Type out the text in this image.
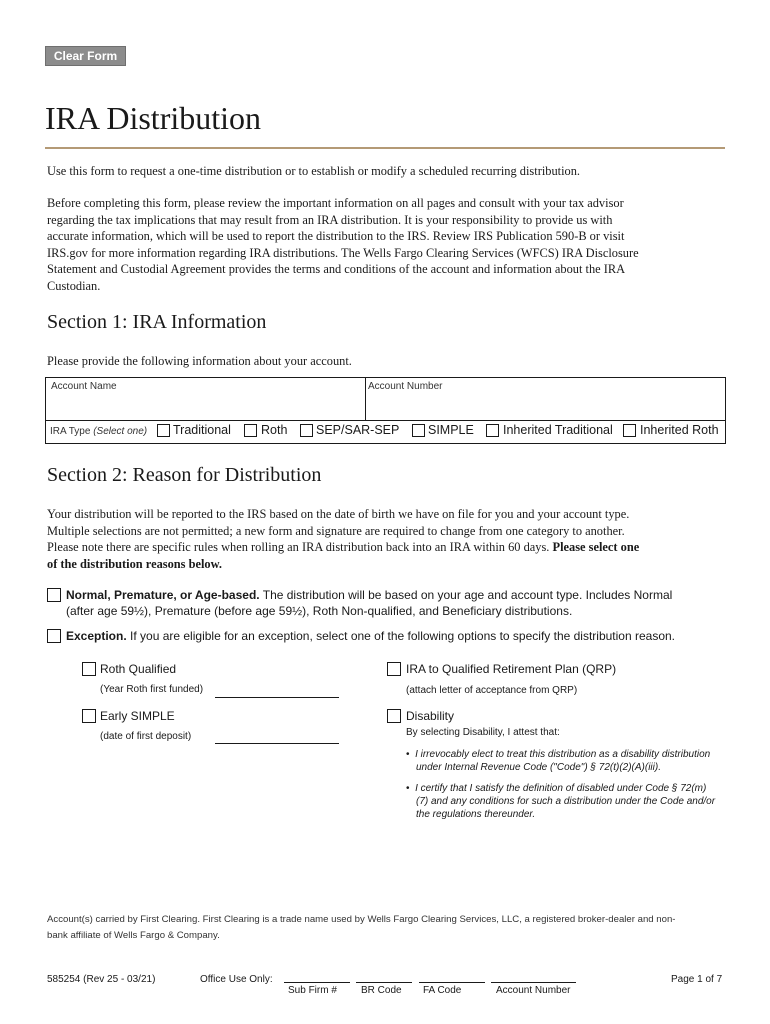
Clear Form
IRA Distribution
Use this form to request a one-time distribution or to establish or modify a scheduled recurring distribution.
Before completing this form, please review the important information on all pages and consult with your tax advisor
regarding the tax implications that may result from an IRA distribution. It is your responsibility to provide us with
accurate information, which will be used to report the distribution to the IRS. Review IRS Publication 590-B or visit
IRS.gov for more information regarding IRA distributions. The Wells Fargo Clearing Services (WFCS) IRA Disclosure
Statement and Custodial Agreement provides the terms and conditions of the account and information about the IRA
Custodian.
Section 1: IRA Information
Please provide the following information about your account.
Account Name	Account Number
IRA Type (Select one) Traditional Roth SEP/SAR-SEP SIMPLE Inherited Traditional Inherited Roth
Section 2: Reason for Distribution
Your distribution will be reported to the IRS based on the date of birth we have on file for you and your account type.
Multiple selections are not permitted; a new form and signature are required to change from one category to another.
Please note there are specific rules when rolling an IRA distribution back into an IRA within 60 days. Please select one
of the distribution reasons below.
Normal, Premature, or Age-based. The distribution will be based on your age and account type. Includes Normal
(after age 59½), Premature (before age 59½), Roth Non-qualified, and Beneficiary distributions.
Exception. If you are eligible for an exception, select one of the following options to specify the distribution reason.
Roth Qualified
(Year Roth first funded)
Early SIMPLE
(date of first deposit)
IRA to Qualified Retirement Plan (QRP)
(attach letter of acceptance from QRP)
Disability
By selecting Disability, I attest that:
•  I irrevocably elect to treat this distribution as a disability distribution
under Internal Revenue Code ("Code") § 72(t)(2)(A)(iii).
•  I certify that I satisfy the definition of disabled under Code § 72(m)
(7) and any conditions for such a distribution under the Code and/or
the regulations thereunder.
Account(s) carried by First Clearing. First Clearing is a trade name used by Wells Fargo Clearing Services, LLC, a registered broker-dealer and non-
bank affiliate of Wells Fargo & Company.
585254 (Rev 25 - 03/21)	Office Use Only:
Sub Firm # BR Code FA Code	Account Number
Page 1 of 7
